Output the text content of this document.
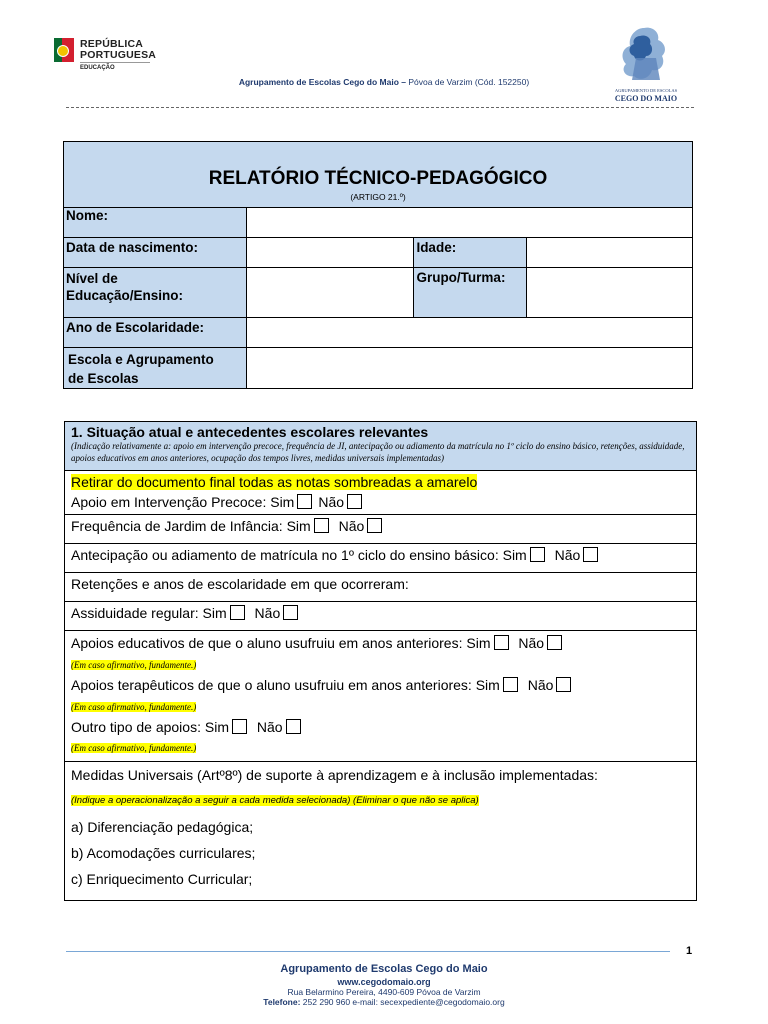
REPÚBLICA
PORTUGUESA
EDUCAÇÃO
Agrupamento de Escolas Cego do Maio – Póvoa de Varzim (Cód. 152250)
AGRUPAMENTO DE ESCOLAS
CEGO DO MAIO
RELATÓRIO TÉCNICO-PEDAGÓGICO
(ARTIGO 21.º)			

Nome:			
Data de nascimento:		Idade:	
Nível de
Educação/Ensino:		Grupo/Turma:	
Ano de Escolaridade:			
Escola e Agrupamento
de Escolas			
1. Situação atual e antecedentes escolares relevantes
(Indicação relativamente a: apoio em intervenção precoce, frequência de JI, antecipação ou adiamento da matrícula no 1º ciclo do ensino básico, retenções, assiduidade, apoios educativos em anos anteriores, ocupação dos tempos livres, medidas universais implementadas)

Retirar do documento final todas as notas sombreadas a amarelo
Apoio em Intervenção Precoce: Sim Não

Frequência de Jardim de Infância: Sim Não
Antecipação ou adiamento de matrícula no 1º ciclo do ensino básico: Sim Não
Retenções e anos de escolaridade em que ocorreram:
Assiduidade regular: Sim Não

Apoios educativos de que o aluno usufruiu em anos anteriores: Sim Não
(Em caso afirmativo, fundamente.)
Apoios terapêuticos de que o aluno usufruiu em anos anteriores: Sim Não
(Em caso afirmativo, fundamente.)
Outro tipo de apoios: Sim Não
(Em caso afirmativo, fundamente.)

Medidas Universais (Artº8º) de suporte à aprendizagem e à inclusão implementadas:
(Indique a operacionalização a seguir a cada medida selecionada) (Eliminar o que não se aplica)
a) Diferenciação pedagógica;
b) Acomodações curriculares;
c) Enriquecimento Curricular;
1
Agrupamento de Escolas Cego do Maio
www.cegodomaio.org
Rua Belarmino Pereira, 4490-609 Póvoa de Varzim
Telefone: 252 290 960 e-mail: secexpediente@cegodomaio.org
